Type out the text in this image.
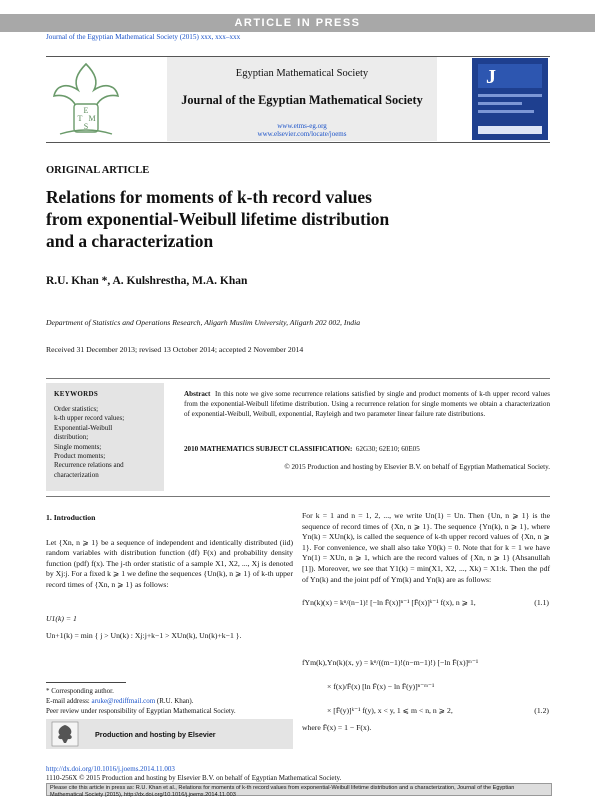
ARTICLE IN PRESS
Journal of the Egyptian Mathematical Society (2015) xxx, xxx–xxx
E
T M
S
Egyptian Mathematical Society
Journal of the Egyptian Mathematical Society
www.etms-eg.org
www.elsevier.com/locate/joems
J
ORIGINAL ARTICLE
Relations for moments of k-th record values
from exponential-Weibull lifetime distribution
and a characterization
R.U. Khan *, A. Kulshrestha, M.A. Khan
Department of Statistics and Operations Research, Aligarh Muslim University, Aligarh 202 002, India
Received 31 December 2013; revised 13 October 2014; accepted 2 November 2014
KEYWORDS
Order statistics;
k-th upper record values;
Exponential-Weibull
distribution;
Single moments;
Product moments;
Recurrence relations and
characterization
Abstract In this note we give some recurrence relations satisfied by single and product moments of k-th upper record values from the exponential-Weibull lifetime distribution. Using a recurrence relation for single moments we obtain a characterization of exponential-Weibull, Weibull, exponential, Rayleigh and two parameter linear failure rate distributions.
2010 MATHEMATICS SUBJECT CLASSIFICATION: 62G30; 62E10; 60E05
© 2015 Production and hosting by Elsevier B.V. on behalf of Egyptian Mathematical Society.
1. Introduction
Let {Xn, n ⩾ 1} be a sequence of independent and identically distributed (iid) random variables with distribution function (df) F(x) and probability density function (pdf) f(x). The j-th order statistic of a sample X1, X2, ..., Xj is denoted by Xj:j. For a fixed k ⩾ 1 we define the sequences {Un(k), n ⩾ 1} of k-th upper record times of {Xn, n ⩾ 1} as follows:
U1(k) = 1
Un+1(k) = min { j > Un(k) : Xj:j+k−1 > XUn(k), Un(k)+k−1 }.
* Corresponding author.
E-mail address: aruke@rediffmail.com (R.U. Khan).
Peer review under responsibility of Egyptian Mathematical Society.
Production and hosting by Elsevier
For k = 1 and n = 1, 2, ..., we write Un(1) = Un. Then {Un, n ⩾ 1} is the sequence of record times of {Xn, n ⩾ 1}. The sequence {Yn(k), n ⩾ 1}, where Yn(k) = XUn(k), is called the sequence of k-th upper record values of {Xn, n ⩾ 1}. For convenience, we shall also take Y0(k) = 0. Note that for k = 1 we have Yn(1) = XUn, n ⩾ 1, which are the record values of {Xn, n ⩾ 1} (Ahsanullah [1]). Moreover, we see that Y1(k) = min(X1, X2, ..., Xk) = X1:k. Then the pdf of Yn(k) and the joint pdf of Ym(k) and Yn(k) are as follows:
fYn(k)(x) = kⁿ/(n−1)! [−ln F̄(x)]ⁿ⁻¹ [F̄(x)]ᵏ⁻¹ f(x), n ⩾ 1,	(1.1)
fYm(k),Yn(k)(x, y) = kⁿ/((m−1)!(n−m−1)!) [−ln F̄(x)]ᵐ⁻¹
× f(x)/F̄(x) [ln F̄(x) − ln F̄(y)]ⁿ⁻ᵐ⁻¹
× [F̄(y)]ᵏ⁻¹ f(y), x < y, 1 ⩽ m < n, n ⩾ 2,	(1.2)
where F̄(x) = 1 − F(x).
http://dx.doi.org/10.1016/j.joems.2014.11.003
1110-256X © 2015 Production and hosting by Elsevier B.V. on behalf of Egyptian Mathematical Society.
Please cite this article in press as: R.U. Khan et al., Relations for moments of k-th record values from exponential-Weibull lifetime distribution and a characterization, Journal of the Egyptian Mathematical Society (2015), http://dx.doi.org/10.1016/j.joems.2014.11.003
